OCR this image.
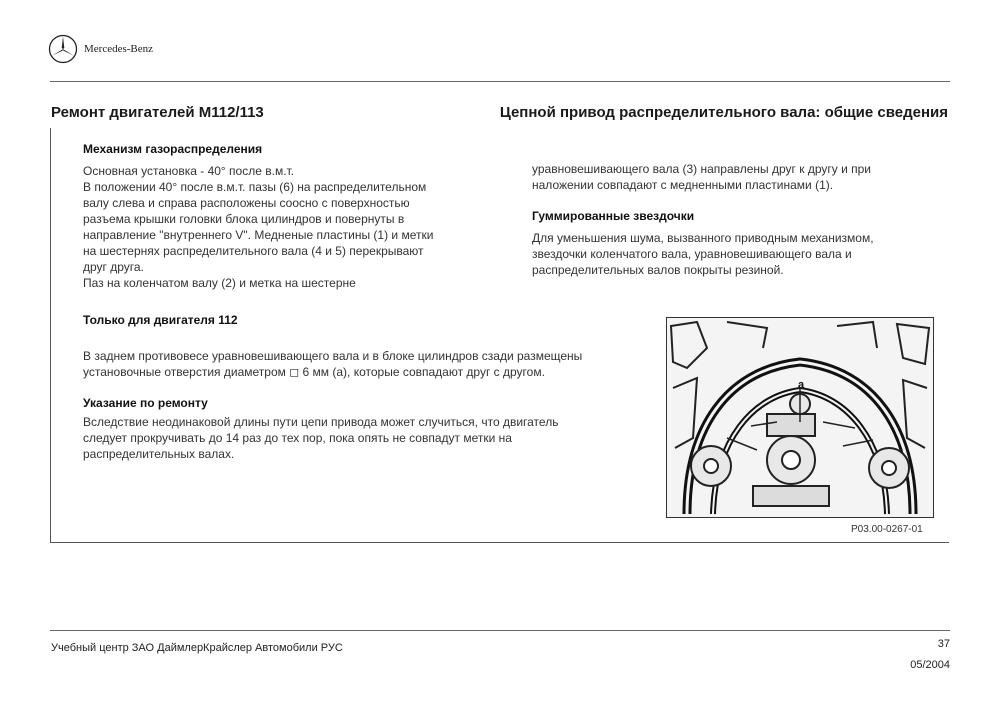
Mercedes-Benz
Ремонт двигателей M112/113	Цепной привод распределительного вала: общие сведения
Механизм газораспределения
Основная установка - 40° после в.м.т.
В положении 40° после в.м.т. пазы (6) на распределительном
валу слева и справа расположены соосно с поверхностью
разъема крышки головки блока цилиндров и повернуты в
направление "внутреннего V". Медненые пластины (1) и метки
на шестернях распределительного вала (4 и 5) перекрывают
друг друга.
Паз на коленчатом валу (2) и метка на шестерне
уравновешивающего вала (3) направлены друг к другу и при
наложении совпадают с медненными пластинами (1).
Гуммированные звездочки
Для уменьшения шума, вызванного приводным механизмом,
звездочки коленчатого вала, уравновешивающего вала и
распределительных валов покрыты резиной.
Только для двигателя 112
В заднем противовесе уравновешивающего вала и в блоке цилиндров сзади размещены
установочные отверстия диаметром ◻ 6 мм (а), которые совпадают друг с другом.
Указание по ремонту
Вследствие неодинаковой длины пути цепи привода может случиться, что двигатель
следует прокручивать до 14 раз до тех пор, пока опять не совпадут метки на
распределительных валах.
a
P03.00-0267-01
Учебный центр ЗАО ДаймлерКрайслер Автомобили РУС	37
05/2004
